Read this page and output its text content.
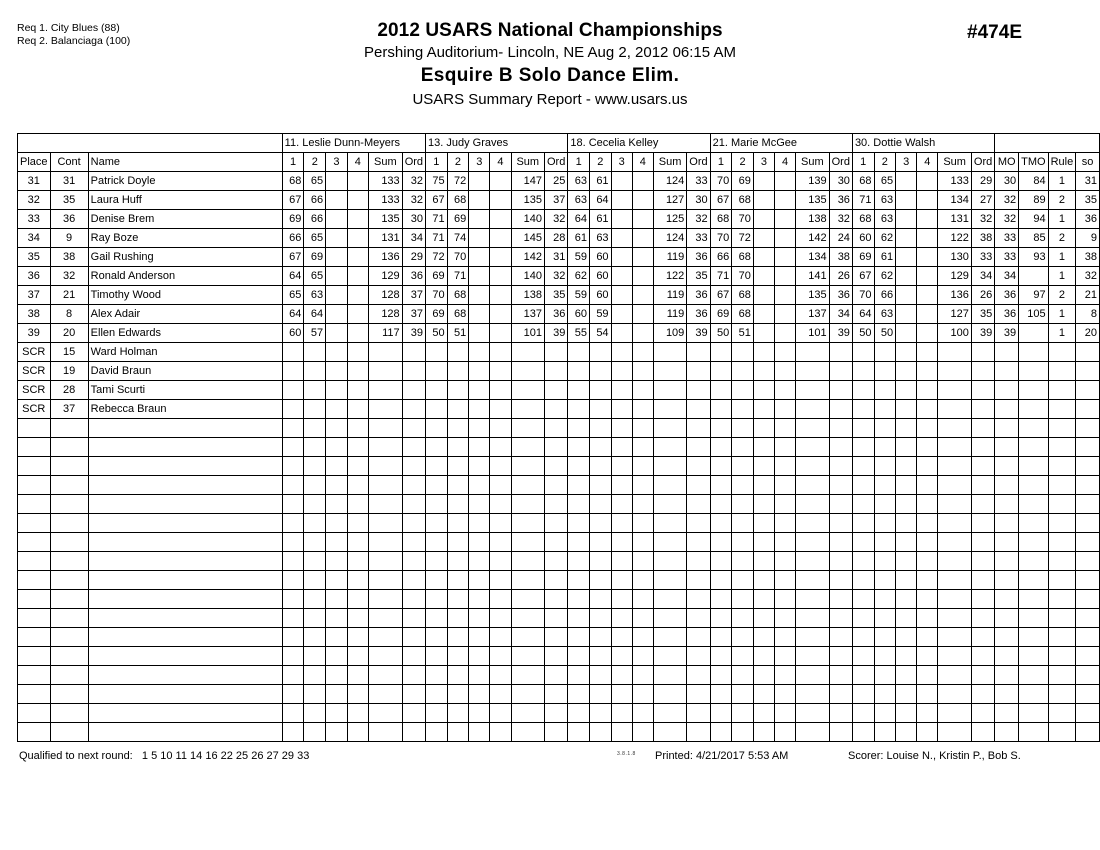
Req 1. City Blues (88)
Req 2. Balanciaga (100)	2012 USARS National Championships
Pershing Auditorium- Lincoln, NE Aug 2, 2012 06:15 AM
Esquire B Solo Dance Elim.
USARS Summary Report - www.usars.us
#474E
			11. Leslie Dunn-Meyers						13. Judy Graves						18. Cecelia Kelley						21. Marie McGee						30. Dottie Walsh									
Place	Cont	Name	1	2	3	4	Sum	Ord	1	2	3	4	Sum	Ord	1	2	3	4	Sum	Ord	1	2	3	4	Sum	Ord	1	2	3	4	Sum	Ord	MO	TMO	Rule	so
31	31	Patrick Doyle	68	65			133	32	75	72			147	25	63	61			124	33	70	69			139	30	68	65			133	29	30	84	1	31
32	35	Laura Huff	67	66			133	32	67	68			135	37	63	64			127	30	67	68			135	36	71	63			134	27	32	89	2	35
33	36	Denise Brem	69	66			135	30	71	69			140	32	64	61			125	32	68	70			138	32	68	63			131	32	32	94	1	36
34	9	Ray Boze	66	65			131	34	71	74			145	28	61	63			124	33	70	72			142	24	60	62			122	38	33	85	2	9
35	38	Gail Rushing	67	69			136	29	72	70			142	31	59	60			119	36	66	68			134	38	69	61			130	33	33	93	1	38
36	32	Ronald Anderson	64	65			129	36	69	71			140	32	62	60			122	35	71	70			141	26	67	62			129	34	34		1	32
37	21	Timothy Wood	65	63			128	37	70	68			138	35	59	60			119	36	67	68			135	36	70	66			136	26	36	97	2	21
38	8	Alex Adair	64	64			128	37	69	68			137	36	60	59			119	36	69	68			137	34	64	63			127	35	36	105	1	8
39	20	Ellen Edwards	60	57			117	39	50	51			101	39	55	54			109	39	50	51			101	39	50	50			100	39	39		1	20
SCR	15	Ward Holman																																		
SCR	19	David Braun																																		
SCR	28	Tami Scurti																																		
SCR	37	Rebecca Braun																																		

Qualified to next round: 1 5 10 11 14 16 22 25 26 27 29 33	3.8.1.8 Printed: 4/21/2017 5:53 AM	Scorer: Louise N., Kristin P., Bob S.
